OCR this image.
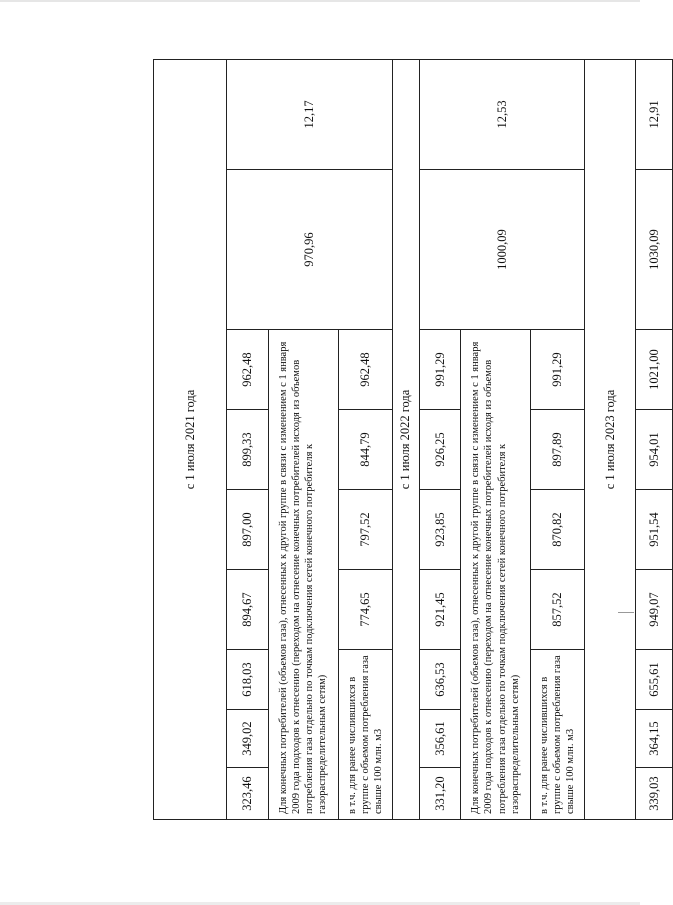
с 1 июля 2021 года								
323,46	349,02	618,03	894,67	897,00	899,33	962,48	970,96	12,17
Для конечных потребителей (объемов газа), отнесенных к другой группе в связи с изменением с 1 января 2009 года подходов к отнесению (переходом на отнесение конечных потребителей исходя из объемов потребления газа отдельно по точкам подключения сетей конечного потребителя к газораспределительным сетям)								
в т.ч. для ранее числившихся в группе с объемом потребления газа свыше 100 млн. м3			774,65	797,52	844,79	962,48		
с 1 июля 2022 года								
331,20	356,61	636,53	921,45	923,85	926,25	991,29	1000,09	12,53
Для конечных потребителей (объемов газа), отнесенных к другой группе в связи с изменением с 1 января 2009 года подходов к отнесению (переходом на отнесение конечных потребителей исходя из объемов потребления газа отдельно по точкам подключения сетей конечного потребителя к газораспределительным сетям)								
в т.ч. для ранее числившихся в группе с объемом потребления газа свыше 100 млн. м3			857,52	870,82	897,89	991,29		
с 1 июля 2023 года								
339,03	364,15	655,61	949,07	951,54	954,01	1021,00	1030,09	12,91
